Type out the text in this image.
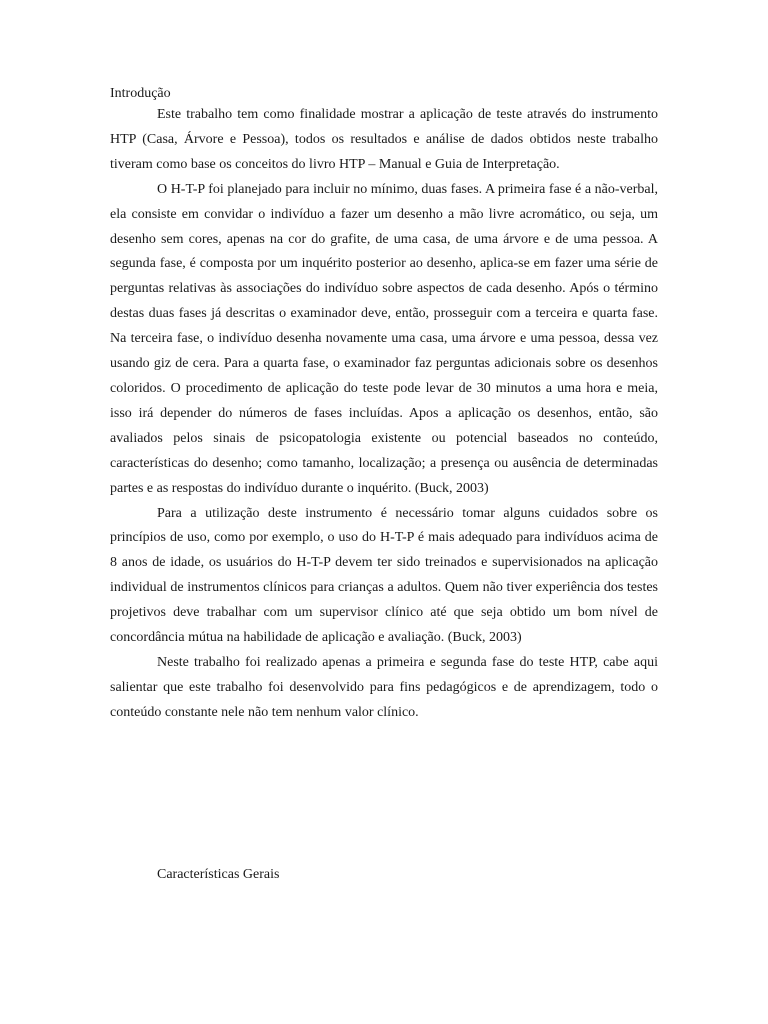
Introdução

Este trabalho tem como finalidade mostrar a aplicação de teste através do instrumento HTP (Casa, Árvore e Pessoa), todos os resultados e análise de dados obtidos neste trabalho tiveram como base os conceitos do livro HTP – Manual e Guia de Interpretação.

O H-T-P foi planejado para incluir no mínimo, duas fases. A primeira fase é a não-verbal, ela consiste em convidar o indivíduo a fazer um desenho a mão livre acromático, ou seja, um desenho sem cores, apenas na cor do grafite, de uma casa, de uma árvore e de uma pessoa. A segunda fase, é composta por um inquérito posterior ao desenho, aplica-se em fazer uma série de perguntas relativas às associações do indivíduo sobre aspectos de cada desenho. Após o término destas duas fases já descritas o examinador deve, então, prosseguir com a terceira e quarta fase. Na terceira fase, o indivíduo desenha novamente uma casa, uma árvore e uma pessoa, dessa vez usando giz de cera. Para a quarta fase, o examinador faz perguntas adicionais sobre os desenhos coloridos. O procedimento de aplicação do teste pode levar de 30 minutos a uma hora e meia, isso irá depender do números de fases incluídas. Apos a aplicação os desenhos, então, são avaliados pelos sinais de psicopatologia existente ou potencial baseados no conteúdo, características do desenho; como tamanho, localização; a presença ou ausência de determinadas partes e as respostas do indivíduo durante o inquérito. (Buck, 2003)

Para a utilização deste instrumento é necessário tomar alguns cuidados sobre os princípios de uso, como por exemplo, o uso do H-T-P é mais adequado para indivíduos acima de 8 anos de idade, os usuários do H-T-P devem ter sido treinados e supervisionados na aplicação individual de instrumentos clínicos para crianças a adultos. Quem não tiver experiência dos testes projetivos deve trabalhar com um supervisor clínico até que seja obtido um bom nível de concordância mútua na habilidade de aplicação e avaliação. (Buck, 2003)

Neste trabalho foi realizado apenas a primeira e segunda fase do teste HTP, cabe aqui salientar que este trabalho foi desenvolvido para fins pedagógicos e de aprendizagem, todo o conteúdo constante nele não tem nenhum valor clínico.

Características Gerais
